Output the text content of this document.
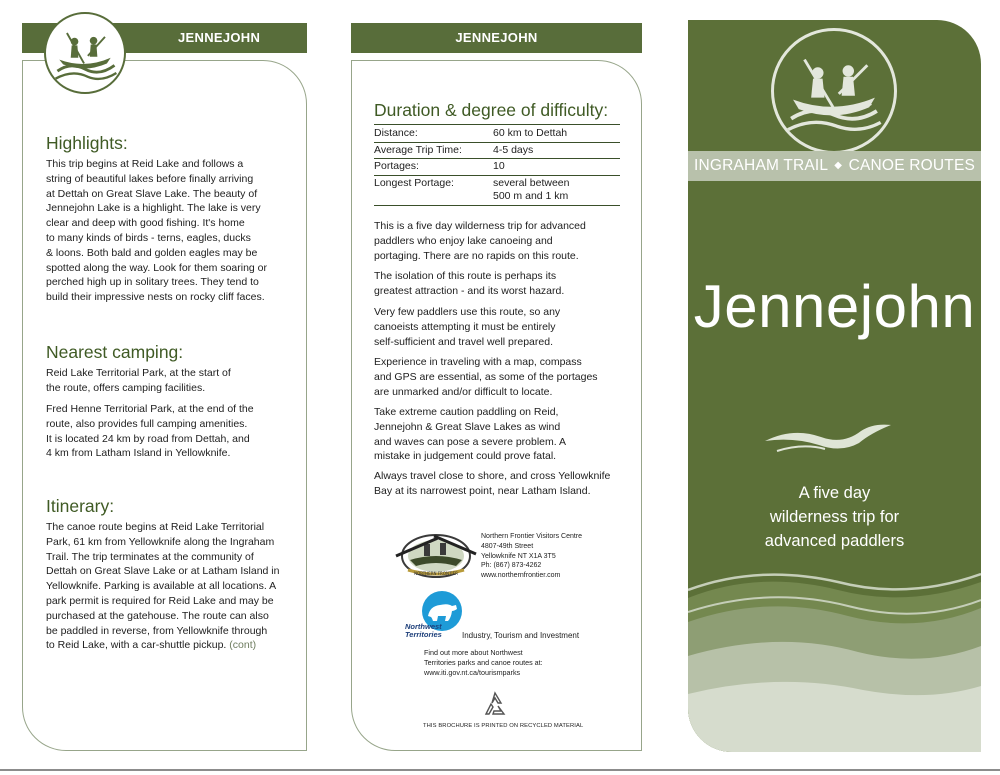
JENNEJOHN
Highlights:

This trip begins at Reid Lake and follows a
string of beautiful lakes before finally arriving
at Dettah on Great Slave Lake. The beauty of
Jennejohn Lake is a highlight. The lake is very
clear and deep with good fishing. It's home
to many kinds of birds - terns, eagles, ducks
& loons. Both bald and golden eagles may be
spotted along the way. Look for them soaring or
perched high up in solitary trees. They tend to
build their impressive nests on rocky cliff faces.

Nearest camping:

Reid Lake Territorial Park, at the start of
the route, offers camping facilities.

Fred Henne Territorial Park, at the end of the
route, also provides full camping amenities.
It is located 24 km by road from Dettah, and
4 km from Latham Island in Yellowknife.

Itinerary:

The canoe route begins at Reid Lake Territorial
Park, 61 km from Yellowknife along the Ingraham
Trail. The trip terminates at the community of
Dettah on Great Slave Lake or at Latham Island in
Yellowknife. Parking is available at all locations. A
park permit is required for Reid Lake and may be
purchased at the gatehouse. The route can also
be paddled in reverse, from Yellowknife through
to Reid Lake, with a car-shuttle pickup. (cont)

JENNEJOHN
Duration & degree of difficulty:
Distance:	60 km to Dettah
Average Trip Time:	4-5 days
Portages:	10
Longest Portage:	several between
500 m and 1 km

This is a five day wilderness trip for advanced
paddlers who enjoy lake canoeing and
portaging. There are no rapids on this route.

The isolation of this route is perhaps its
greatest attraction - and its worst hazard.

Very few paddlers use this route, so any
canoeists attempting it must be entirely
self-sufficient and travel well prepared.

Experience in traveling with a map, compass
and GPS are essential, as some of the portages
are unmarked and/or difficult to locate.

Take extreme caution paddling on Reid,
Jennejohn & Great Slave Lakes as wind
and waves can pose a severe problem. A
mistake in judgement could prove fatal.

Always travel close to shore, and cross Yellowknife
Bay at its narrowest point, near Latham Island.

NORTHERN FRONTIER
Northern Frontier Visitors Centre
4807-49th Street
Yellowknife NT X1A 3T5
Ph: (867) 873-4262
www.northernfrontier.com
Northwest
Territories	Industry, Tourism and Investment
Find out more about Northwest
Territories parks and canoe routes at:
www.iti.gov.nt.ca/tourismparks
THIS BROCHURE IS PRINTED ON RECYCLED MATERIAL
INGRAHAM TRAIL ◆ CANOE ROUTES
Jennejohn
A five day
wilderness trip for
advanced paddlers
